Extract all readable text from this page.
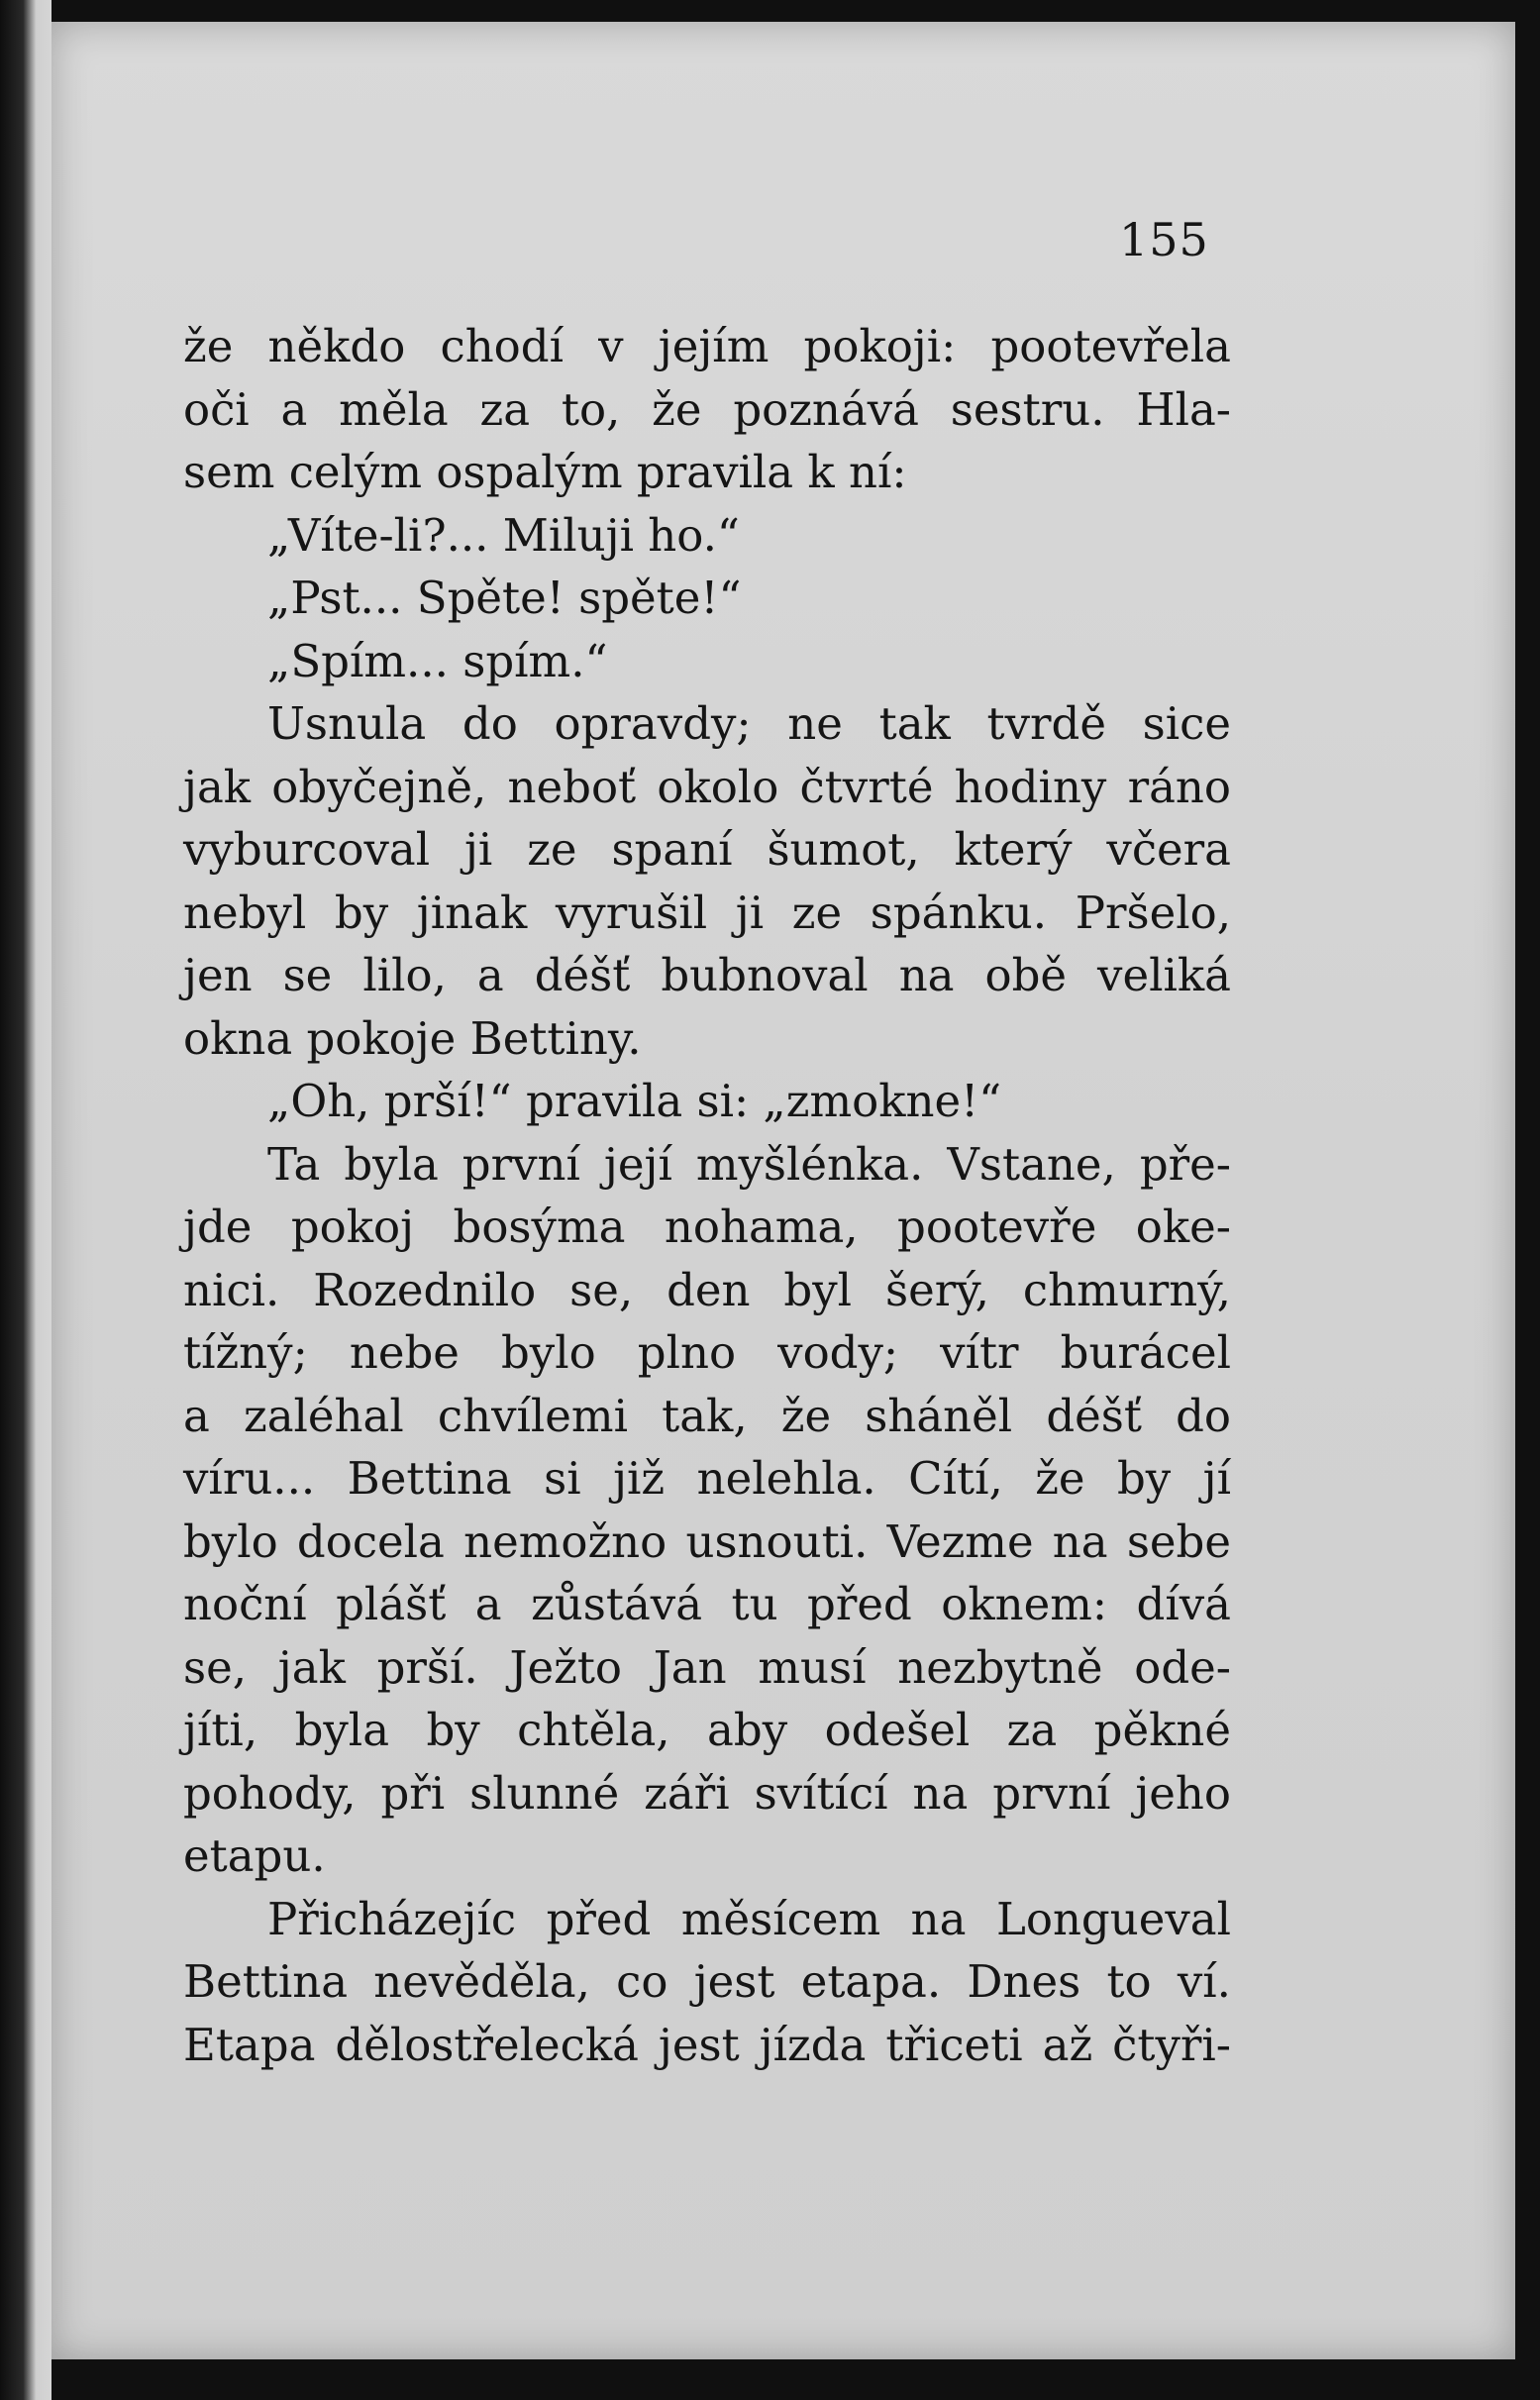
155
že někdo chodí v jejím pokoji: pootevřela
oči a měla za to, že poznává sestru. Hla-
sem celým ospalým pravila k ní:
„Víte-li?... Miluji ho.“
„Pst... Spěte! spěte!“
„Spím... spím.“
Usnula do opravdy; ne tak tvrdě sice
jak obyčejně, neboť okolo čtvrté hodiny ráno
vyburcoval ji ze spaní šumot, který včera
nebyl by jinak vyrušil ji ze spánku. Pršelo,
jen se lilo, a déšť bubnoval na obě veliká
okna pokoje Bettiny.
„Oh, prší!“ pravila si: „zmokne!“
Ta byla první její myšlénka. Vstane, pře-
jde pokoj bosýma nohama, pootevře oke-
nici. Rozednilo se, den byl šerý, chmurný,
tížný; nebe bylo plno vody; vítr burácel
a zaléhal chvílemi tak, že sháněl déšť do
víru... Bettina si již nelehla. Cítí, že by jí
bylo docela nemožno usnouti. Vezme na sebe
noční plášť a zůstává tu před oknem: dívá
se, jak prší. Ježto Jan musí nezbytně ode-
jíti, byla by chtěla, aby odešel za pěkné
pohody, při slunné záři svítící na první jeho
etapu.
Přicházejíc před měsícem na Longueval
Bettina nevěděla, co jest etapa. Dnes to ví.
Etapa dělostřelecká jest jízda třiceti až čtyři-
